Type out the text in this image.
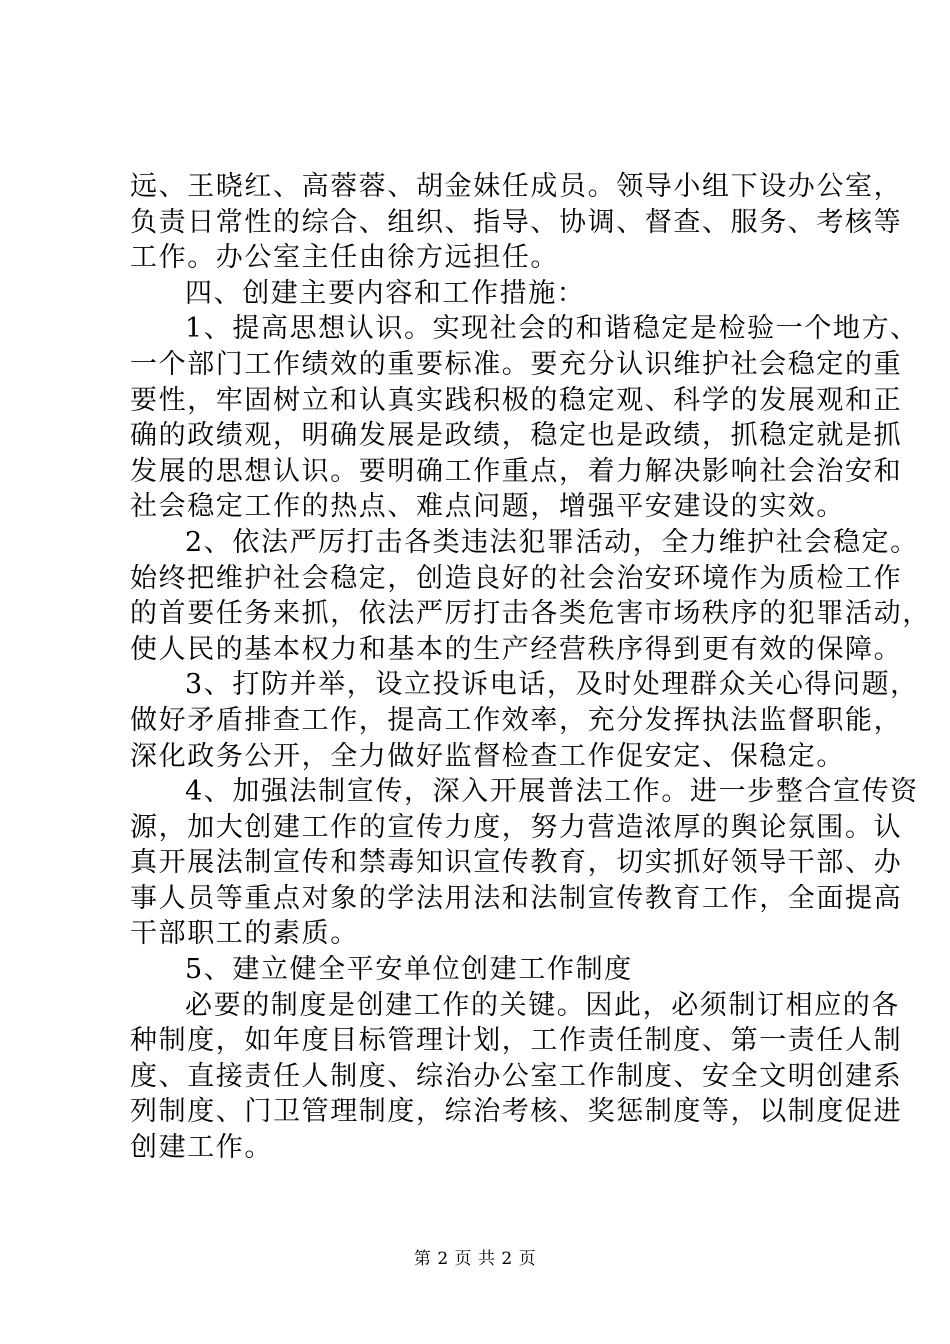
远、王晓红、高蓉蓉、胡金妹任成员。领导小组下设办公室，
负责日常性的综合、组织、指导、协调、督查、服务、考核等
工作。办公室主任由徐方远担任。
四、创建主要内容和工作措施：
1、提高思想认识。实现社会的和谐稳定是检验一个地方、
一个部门工作绩效的重要标准。要充分认识维护社会稳定的重
要性，牢固树立和认真实践积极的稳定观、科学的发展观和正
确的政绩观，明确发展是政绩，稳定也是政绩，抓稳定就是抓
发展的思想认识。要明确工作重点，着力解决影响社会治安和
社会稳定工作的热点、难点问题，增强平安建设的实效。
2、依法严厉打击各类违法犯罪活动，全力维护社会稳定。
始终把维护社会稳定，创造良好的社会治安环境作为质检工作
的首要任务来抓，依法严厉打击各类危害市场秩序的犯罪活动，
使人民的基本权力和基本的生产经营秩序得到更有效的保障。
3、打防并举，设立投诉电话，及时处理群众关心得问题，
做好矛盾排查工作，提高工作效率，充分发挥执法监督职能，
深化政务公开，全力做好监督检查工作促安定、保稳定。
4、加强法制宣传，深入开展普法工作。进一步整合宣传资
源，加大创建工作的宣传力度，努力营造浓厚的舆论氛围。认
真开展法制宣传和禁毒知识宣传教育，切实抓好领导干部、办
事人员等重点对象的学法用法和法制宣传教育工作，全面提高
干部职工的素质。
5、建立健全平安单位创建工作制度
必要的制度是创建工作的关键。因此，必须制订相应的各
种制度，如年度目标管理计划，工作责任制度、第一责任人制
度、直接责任人制度、综治办公室工作制度、安全文明创建系
列制度、门卫管理制度，综治考核、奖惩制度等，以制度促进
创建工作。
第 2 页 共 2 页
